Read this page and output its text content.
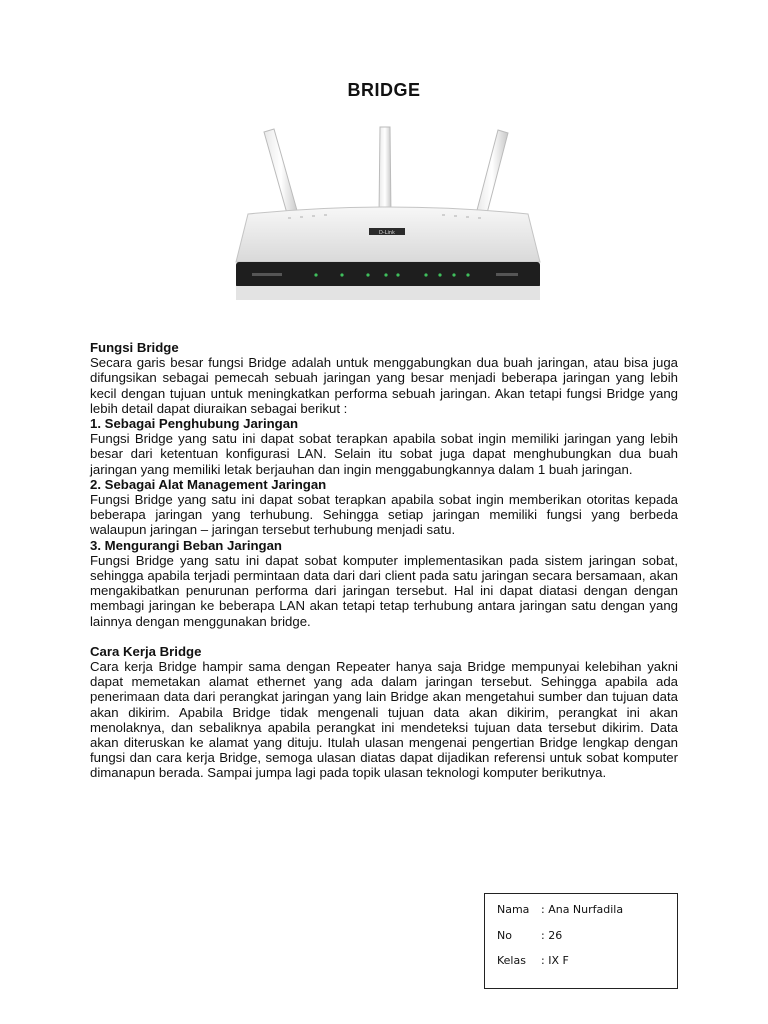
BRIDGE
D-Link
Fungsi Bridge

Secara garis besar fungsi Bridge adalah untuk menggabungkan dua buah jaringan, atau bisa juga difungsikan sebagai pemecah sebuah jaringan yang besar menjadi beberapa jaringan yang lebih kecil dengan tujuan untuk meningkatkan performa sebuah jaringan. Akan tetapi fungsi Bridge yang lebih detail dapat diuraikan sebagai berikut :

1. Sebagai Penghubung Jaringan

Fungsi Bridge yang satu ini dapat sobat terapkan apabila sobat ingin memiliki jaringan yang lebih besar dari ketentuan konfigurasi LAN. Selain itu sobat juga dapat menghubungkan dua buah jaringan yang memiliki letak berjauhan dan ingin menggabungkannya dalam 1 buah jaringan.

2. Sebagai Alat Management Jaringan

Fungsi Bridge yang satu ini dapat sobat terapkan apabila sobat ingin memberikan otoritas kepada beberapa jaringan yang terhubung. Sehingga setiap jaringan memiliki fungsi yang berbeda walaupun jaringan – jaringan tersebut terhubung menjadi satu.

3. Mengurangi Beban Jaringan

Fungsi Bridge yang satu ini dapat sobat komputer implementasikan pada sistem jaringan sobat, sehingga apabila terjadi permintaan data dari dari client pada satu jaringan secara bersamaan, akan mengakibatkan penurunan performa dari jaringan tersebut. Hal ini dapat diatasi dengan dengan membagi jaringan ke beberapa LAN akan tetapi tetap terhubung antara jaringan satu dengan yang lainnya dengan menggunakan bridge.

Cara Kerja Bridge

Cara kerja Bridge hampir sama dengan Repeater hanya saja Bridge mempunyai kelebihan yakni dapat memetakan alamat ethernet yang ada dalam jaringan tersebut. Sehingga apabila ada penerimaan data dari perangkat jaringan yang lain Bridge akan mengetahui sumber dan tujuan data akan dikirim. Apabila Bridge tidak mengenali tujuan data akan dikirim, perangkat ini akan menolaknya, dan sebaliknya apabila perangkat ini mendeteksi tujuan data tersebut dikirim. Data akan diteruskan ke alamat yang dituju. Itulah ulasan mengenai pengertian Bridge lengkap dengan fungsi dan cara kerja Bridge, semoga ulasan diatas dapat dijadikan referensi untuk sobat komputer dimanapun berada. Sampai jumpa lagi pada topik ulasan teknologi komputer berikutnya.

Nama : Ana Nurfadila
No	: 26
Kelas : IX F
